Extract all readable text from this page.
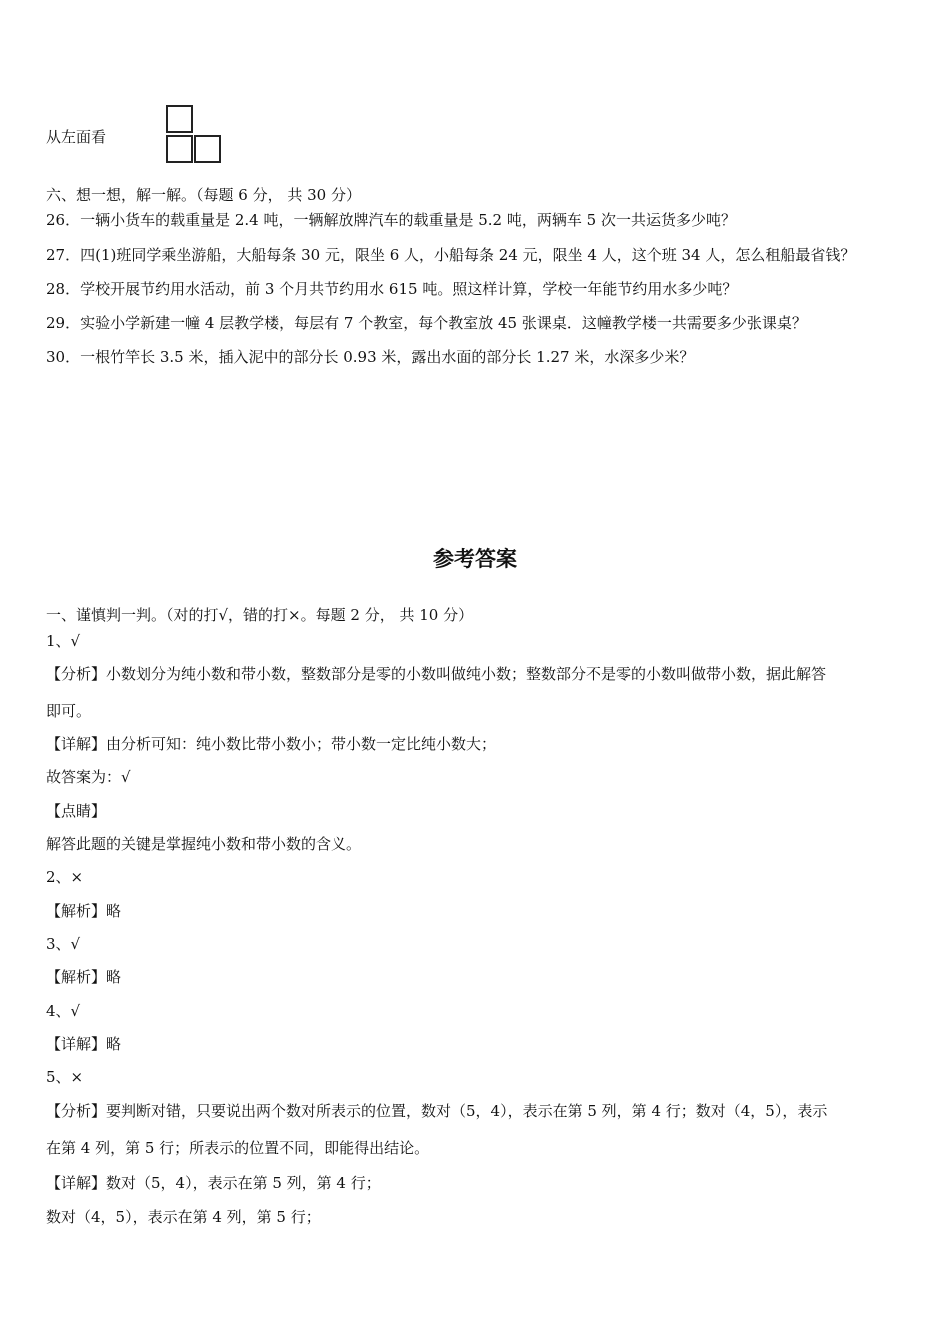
从左面看
六、想一想，解一解。（每题 6 分， 共 30 分）
26．一辆小货车的载重量是 2.4 吨，一辆解放牌汽车的载重量是 5.2 吨，两辆车 5 次一共运货多少吨？
27．四(1)班同学乘坐游船，大船每条 30 元，限坐 6 人，小船每条 24 元，限坐 4 人，这个班 34 人，怎么租船最省钱？
28．学校开展节约用水活动，前 3 个月共节约用水 615 吨。照这样计算，学校一年能节约用水多少吨？
29．实验小学新建一幢 4 层教学楼，每层有 7 个教室，每个教室放 45 张课桌．这幢教学楼一共需要多少张课桌？
30．一根竹竿长 3.5 米，插入泥中的部分长 0.93 米，露出水面的部分长 1.27 米，水深多少米？
参考答案
一、谨慎判一判。（对的打√，错的打×。每题 2 分， 共 10 分）
1、√
【分析】小数划分为纯小数和带小数，整数部分是零的小数叫做纯小数；整数部分不是零的小数叫做带小数，据此解答
即可。
【详解】由分析可知：纯小数比带小数小；带小数一定比纯小数大；
故答案为：√
【点睛】
解答此题的关键是掌握纯小数和带小数的含义。
2、×
【解析】略
3、√
【解析】略
4、√
【详解】略
5、×
【分析】要判断对错，只要说出两个数对所表示的位置，数对（5，4），表示在第 5 列，第 4 行；数对（4，5），表示
在第 4 列，第 5 行；所表示的位置不同，即能得出结论。
【详解】数对（5，4），表示在第 5 列，第 4 行；
数对（4，5），表示在第 4 列，第 5 行；
